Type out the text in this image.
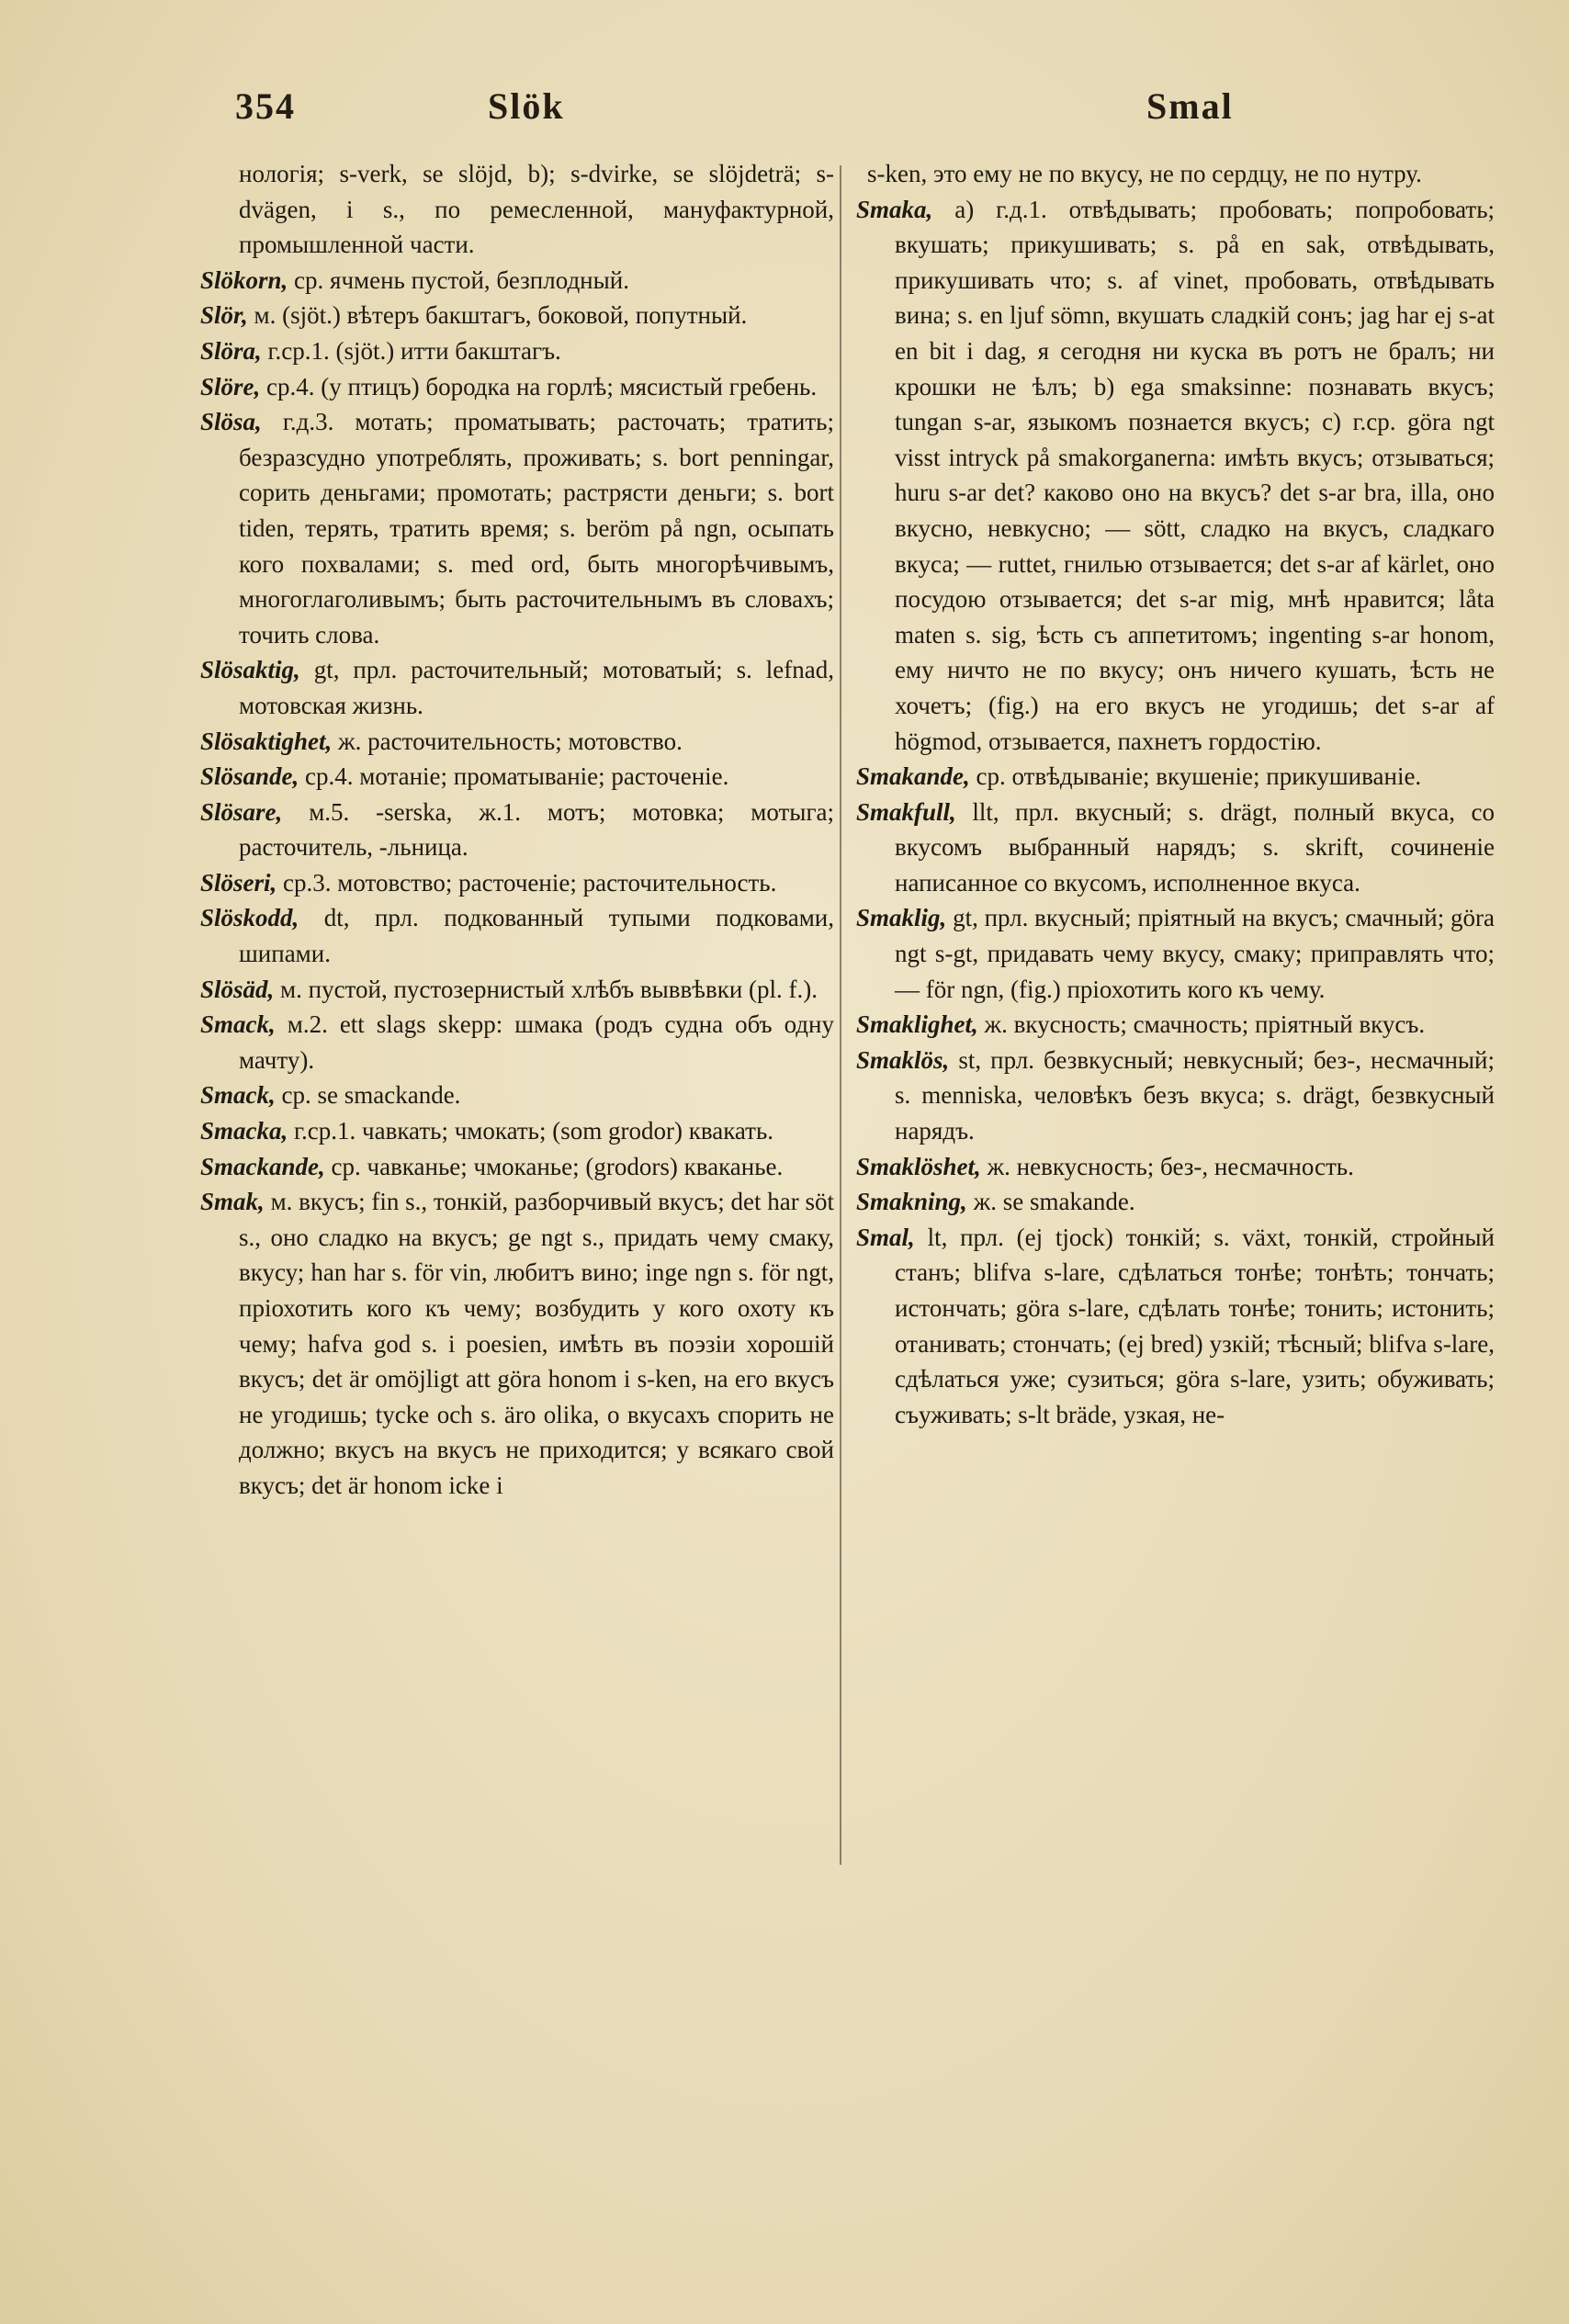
354	Slök	Smal

нологія; s-verk, se slöjd, b); s-dvirke, se slöjdeträ; s-dvägen, i s., по ремесленной, мануфактурной, промышленной части.

Slökorn, ср. ячмень пустой, безплодный.

Slör, м. (sjöt.) вѣтеръ бакштагъ, боковой, попутный.

Slöra, г.ср.1. (sjöt.) итти бакштагъ.

Slöre, ср.4. (у птицъ) бородка на горлѣ; мясистый гребень.

Slösa, г.д.3. мотать; проматывать; расточать; тратить; безразсудно употреблять, проживать; s. bort penningar, сорить деньгами; промотать; растрясти деньги; s. bort tiden, терять, тратить время; s. beröm på ngn, осыпать кого похвалами; s. med ord, быть многорѣчивымъ, многоглаголивымъ; быть расточительнымъ въ словахъ; точить слова.

Slösaktig, gt, прл. расточительный; мотоватый; s. lefnad, мотовская жизнь.

Slösaktighet, ж. расточительность; мотовство.

Slösande, ср.4. мотаніе; проматываніе; расточеніе.

Slösare, м.5. -serska, ж.1. мотъ; мотовка; мотыга; расточитель, -льница.

Slöseri, ср.3. мотовство; расточеніе; расточительность.

Slöskodd, dt, прл. подкованный тупыми подковами, шипами.

Slösäd, м. пустой, пустозернистый хлѣбъ выввѣвки (pl. f.).

Smack, м.2. ett slags skepp: шмака (родъ судна объ одну мачту).

Smack, ср. se smackande.

Smacka, г.ср.1. чавкать; чмокать; (som grodor) квакать.

Smackande, ср. чавканье; чмоканье; (grodors) кваканье.

Smak, м. вкусъ; fin s., тонкій, разборчивый вкусъ; det har söt s., оно сладко на вкусъ; ge ngt s., придать чему смаку, вкусу; han har s. för vin, любитъ вино; inge ngn s. för ngt, пріохотить кого къ чему; возбудить у кого охоту къ чему; hafva god s. i poesien, имѣть въ поэзіи хорошій вкусъ; det är omöjligt att göra honom i s-ken, на его вкусъ не угодишь; tycke och s. äro olika, о вкусахъ спорить не должно; вкусъ на вкусъ не приходится; у всякаго свой вкусъ; det är honom icke i

s-ken, это ему не по вкусу, не по сердцу, не по нутру.

Smaka, а) г.д.1. отвѣдывать; пробовать; попробовать; вкушать; прикушивать; s. på en sak, отвѣдывать, прикушивать что; s. af vinet, пробовать, отвѣдывать вина; s. en ljuf sömn, вкушать сладкій сонъ; jag har ej s-at en bit i dag, я сегодня ни куска въ ротъ не бралъ; ни крошки не ѣлъ; b) ega smaksinne: познавать вкусъ; tungan s-ar, языкомъ познается вкусъ; c) г.ср. göra ngt visst intryck på smakorganerna: имѣть вкусъ; отзываться; huru s-ar det? каково оно на вкусъ? det s-ar bra, illa, оно вкусно, невкусно; — sött, сладко на вкусъ, сладкаго вкуса; — ruttet, гнилью отзывается; det s-ar af kärlet, оно посудою отзывается; det s-ar mig, мнѣ нравится; låta maten s. sig, ѣсть съ аппетитомъ; ingenting s-ar honom, ему ничто не по вкусу; онъ ничего кушать, ѣсть не хочетъ; (fig.) на его вкусъ не угодишь; det s-ar af högmod, отзывается, пахнетъ гордостію.

Smakande, ср. отвѣдываніе; вкушеніе; прикушиваніе.

Smakfull, llt, прл. вкусный; s. drägt, полный вкуса, со вкусомъ выбранный нарядъ; s. skrift, сочиненіе написанное со вкусомъ, исполненное вкуса.

Smaklig, gt, прл. вкусный; пріятный на вкусъ; смачный; göra ngt s-gt, придавать чему вкусу, смаку; приправлять что; — för ngn, (fig.) пріохотить кого къ чему.

Smaklighet, ж. вкусность; смачность; пріятный вкусъ.

Smaklös, st, прл. безвкусный; невкусный; без-, несмачный; s. menniska, человѣкъ безъ вкуса; s. drägt, безвкусный нарядъ.

Smaklöshet, ж. невкусность; без-, несмачность.

Smakning, ж. se smakande.

Smal, lt, прл. (ej tjock) тонкій; s. växt, тонкій, стройный станъ; blifva s-lare, сдѣлаться тонѣе; тонѣть; тончать; истончать; göra s-lare, сдѣлать тонѣе; тонить; истонить; отанивать; стончать; (ej bred) узкій; тѣсный; blifva s-lare, сдѣлаться уже; сузиться; göra s-lare, узить; обуживать; съуживать; s-lt bräde, узкая, не-
